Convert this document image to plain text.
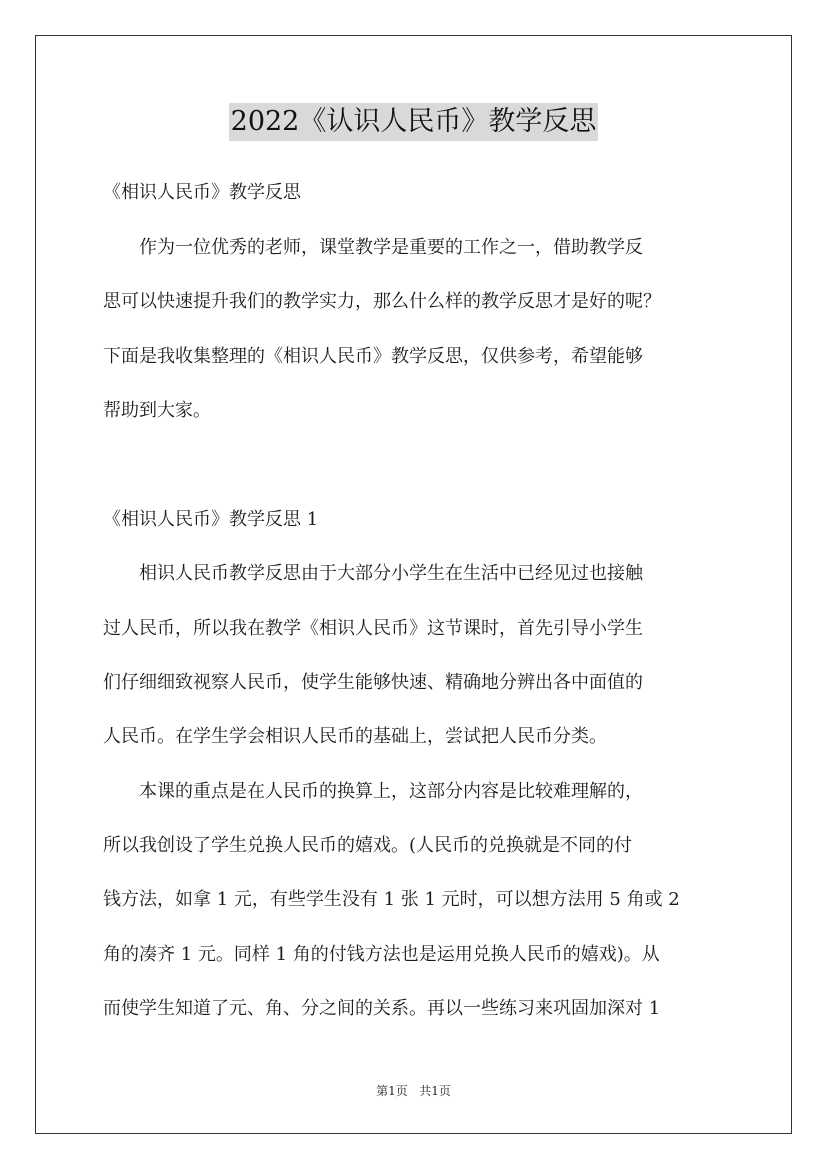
2022《认识人民币》教学反思
《相识人民币》教学反思
　　作为一位优秀的老师，课堂教学是重要的工作之一，借助教学反
思可以快速提升我们的教学实力，那么什么样的教学反思才是好的呢？
下面是我收集整理的《相识人民币》教学反思，仅供参考，希望能够
帮助到大家。
《相识人民币》教学反思 1
　　相识人民币教学反思由于大部分小学生在生活中已经见过也接触
过人民币，所以我在教学《相识人民币》这节课时，首先引导小学生
们仔细细致视察人民币，使学生能够快速、精确地分辨出各中面值的
人民币。在学生学会相识人民币的基础上，尝试把人民币分类。
　　本课的重点是在人民币的换算上，这部分内容是比较难理解的，
所以我创设了学生兑换人民币的嬉戏。(人民币的兑换就是不同的付
钱方法，如拿 1 元，有些学生没有 1 张 1 元时，可以想方法用 5 角或 2
角的凑齐 1 元。同样 1 角的付钱方法也是运用兑换人民币的嬉戏)。从
而使学生知道了元、角、分之间的关系。再以一些练习来巩固加深对 1
第1页 共1页
